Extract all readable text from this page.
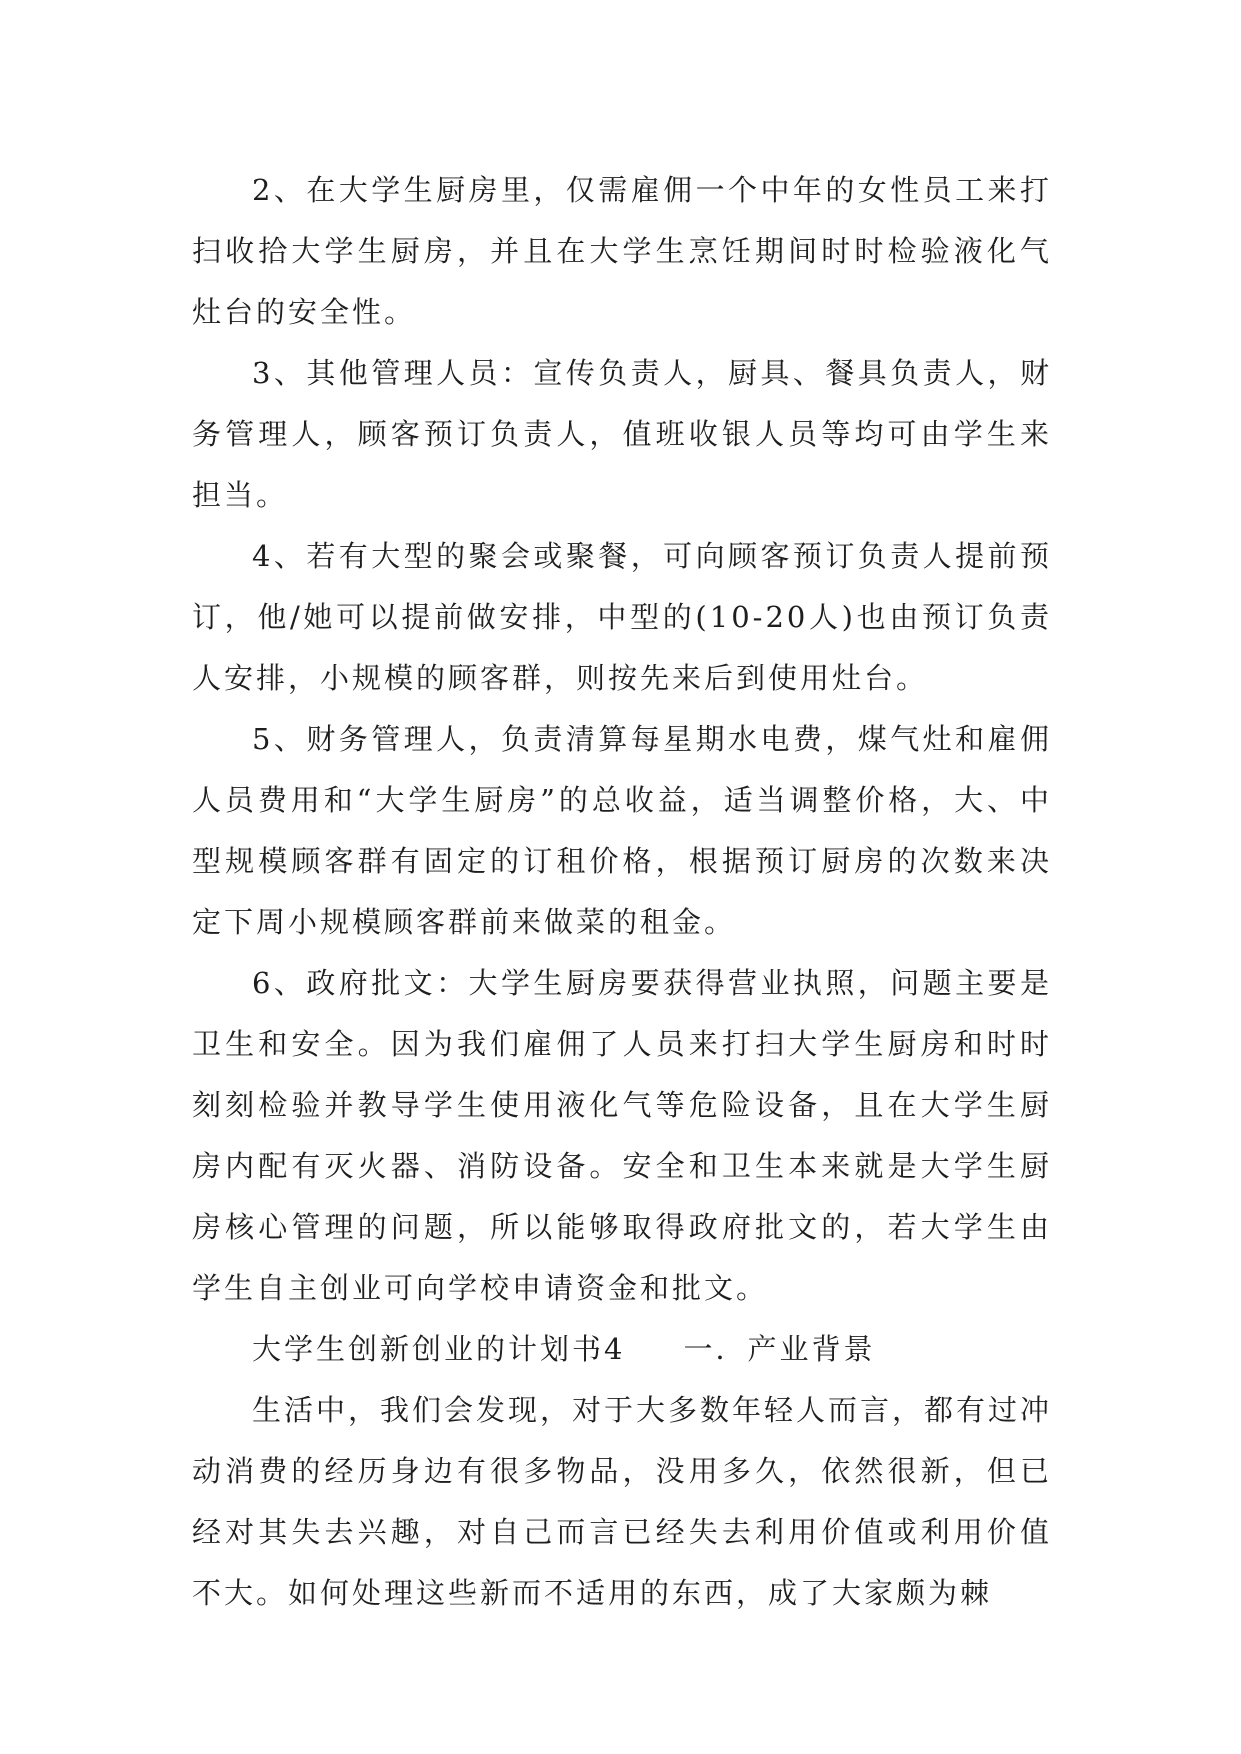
2、在大学生厨房里，仅需雇佣一个中年的女性员工来打扫收拾大学生厨房，并且在大学生烹饪期间时时检验液化气灶台的安全性。

3、其他管理人员：宣传负责人，厨具、餐具负责人，财务管理人，顾客预订负责人，值班收银人员等均可由学生来担当。

4、若有大型的聚会或聚餐，可向顾客预订负责人提前预订，他/她可以提前做安排，中型的(10-20人)也由预订负责人安排，小规模的顾客群，则按先来后到使用灶台。

5、财务管理人，负责清算每星期水电费，煤气灶和雇佣人员费用和“大学生厨房”的总收益，适当调整价格，大、中型规模顾客群有固定的订租价格，根据预订厨房的次数来决定下周小规模顾客群前来做菜的租金。

6、政府批文：大学生厨房要获得营业执照，问题主要是卫生和安全。因为我们雇佣了人员来打扫大学生厨房和时时刻刻检验并教导学生使用液化气等危险设备，且在大学生厨房内配有灭火器、消防设备。安全和卫生本来就是大学生厨房核心管理的问题，所以能够取得政府批文的，若大学生由学生自主创业可向学校申请资金和批文。

大学生创新创业的计划书4 一．产业背景

生活中，我们会发现，对于大多数年轻人而言，都有过冲动消费的经历身边有很多物品，没用多久，依然很新，但已经对其失去兴趣，对自己而言已经失去利用价值或利用价值不大。如何处理这些新而不适用的东西，成了大家颇为棘
